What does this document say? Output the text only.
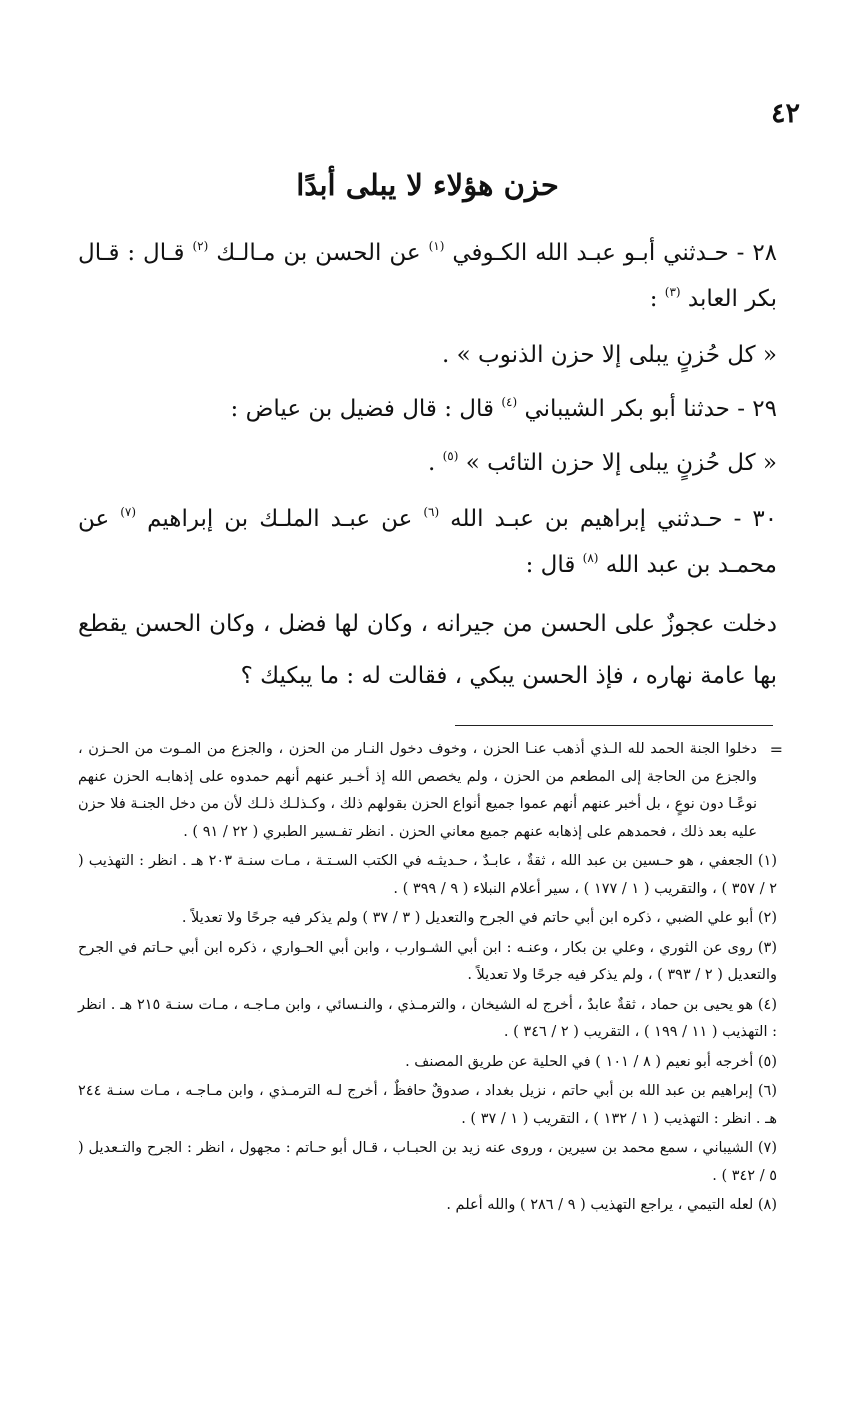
٤٢
حزن هؤلاء لا يبلى أبدًا
٢٨ - حـدثني أبـو عبـد الله الكـوفي $^{(١)}$ عن الحسن بن مـالـك $^{(٢)}$ قـال : قـال بكر العابد $^{(٣)}$ :
« كل حُزنٍ يبلى إلا حزن الذنوب » .
٢٩ - حدثنا أبو بكر الشيباني $^{(٤)}$ قال : قال فضيل بن عياض :
« كل حُزنٍ يبلى إلا حزن التائب » $^{(٥)}$ .
٣٠ - حـدثني إبراهيم بن عبـد الله $^{(٦)}$ عن عبـد الملـك بن إبراهيم $^{(٧)}$ عن محمـد بن عبد الله $^{(٨)}$ قال :
دخلت عجوزٌ على الحسن من جيرانه ، وكان لها فضل ، وكان الحسن يقطع بها عامة نهاره ، فإذ الحسن يبكي ، فقالت له : ما يبكيك ؟
=
دخلوا الجنة الحمد لله الـذي أذهب عنـا الحزن ، وخوف دخول النـار من الحزن ، والجزع من المـوت من الحـزن ، والجزع من الحاجة إلى المطعم من الحزن ، ولم يخصص الله إذ أخـبر عنهم أنهم حمدوه على إذهابـه الحزن عنهم نوعًـا دون نوعٍ ، بل أخبر عنهم أنهم عموا جميع أنواع الحزن بقولهم ذلك ، وكـذلـك ذلـك لأن من دخل الجنـة فلا حزن عليه بعد ذلك ، فحمدهم على إذهابه عنهم جميع معاني الحزن . انظر تفـسير الطبري ( ٢٢ / ٩١ ) .
(١) الجعفي ، هو حـسين بن عبد الله ، ثقةٌ ، عابـدٌ ، حـديثـه في الكتب السـتـة ، مـات سنـة ٢٠٣ هـ . انظر : التهذيب ( ٢ / ٣٥٧ ) ، والتقريب ( ١ / ١٧٧ ) ، سير أعلام النبلاء ( ٩ / ٣٩٩ ) .
(٢) أبو علي الضبي ، ذكره ابن أبي حاتم في الجرح والتعديل ( ٣ / ٣٧ ) ولم يذكر فيه جرحًا ولا تعديلاً .
(٣) روى عن الثوري ، وعلي بن بكار ، وعنـه : ابن أبي الشـوارب ، وابن أبي الحـواري ، ذكره ابن أبي حـاتم في الجرح والتعديل ( ٢ / ٣٩٣ ) ، ولم يذكر فيه جرحًا ولا تعديلاً .
(٤) هو يحيى بن حماد ، ثقةٌ عابدٌ ، أخرج له الشيخان ، والترمـذي ، والنـسائي ، وابن مـاجـه ، مـات سنـة ٢١٥ هـ . انظر : التهذيب ( ١١ / ١٩٩ ) ، التقريب ( ٢ / ٣٤٦ ) .
(٥) أخرجه أبو نعيم ( ٨ / ١٠١ ) في الحلية عن طريق المصنف .
(٦) إبراهيم بن عبد الله بن أبي حاتم ، نزيل بغداد ، صدوقٌ حافظٌ ، أخرج لـه الترمـذي ، وابن مـاجـه ، مـات سنـة ٢٤٤ هـ . انظر : التهذيب ( ١ / ١٣٢ ) ، التقريب ( ١ / ٣٧ ) .
(٧) الشيباني ، سمع محمد بن سيرين ، وروى عنه زيد بن الحبـاب ، قـال أبو حـاتم : مجهول ، انظر : الجرح والتـعديل ( ٥ / ٣٤٢ ) .
(٨) لعله التيمي ، يراجع التهذيب ( ٩ / ٢٨٦ ) والله أعلم .
